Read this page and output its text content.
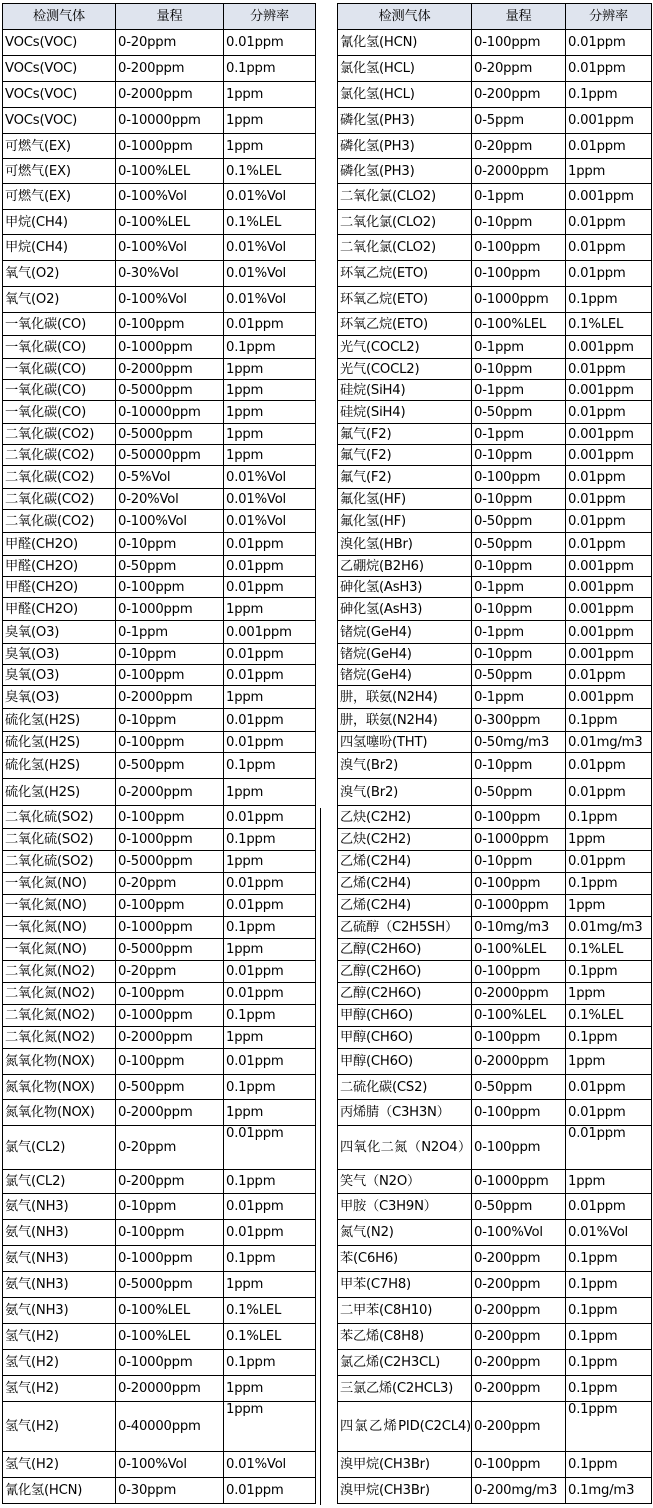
检测气体	量程	分辨率
VOCs(VOC)	0-20ppm	0.01ppm
VOCs(VOC)	0-200ppm	0.1ppm
VOCs(VOC)	0-2000ppm	1ppm
VOCs(VOC)	0-10000ppm	1ppm
可燃气(EX)	0-1000ppm	1ppm
可燃气(EX)	0-100%LEL	0.1%LEL
可燃气(EX)	0-100%Vol	0.01%Vol
甲烷(CH4)	0-100%LEL	0.1%LEL
甲烷(CH4)	0-100%Vol	0.01%Vol
氧气(O2)	0-30%Vol	0.01%Vol
氧气(O2)	0-100%Vol	0.01%Vol
一氧化碳(CO)	0-100ppm	0.01ppm
一氧化碳(CO)	0-1000ppm	0.1ppm
一氧化碳(CO)	0-2000ppm	1ppm
一氧化碳(CO)	0-5000ppm	1ppm
一氧化碳(CO)	0-10000ppm	1ppm
二氧化碳(CO2)	0-5000ppm	1ppm
二氧化碳(CO2)	0-50000ppm	1ppm
二氧化碳(CO2)	0-5%Vol	0.01%Vol
二氧化碳(CO2)	0-20%Vol	0.01%Vol
二氧化碳(CO2)	0-100%Vol	0.01%Vol
甲醛(CH2O)	0-10ppm	0.01ppm
甲醛(CH2O)	0-50ppm	0.01ppm
甲醛(CH2O)	0-100ppm	0.01ppm
甲醛(CH2O)	0-1000ppm	1ppm
臭氧(O3)	0-1ppm	0.001ppm
臭氧(O3)	0-10ppm	0.01ppm
臭氧(O3)	0-100ppm	0.01ppm
臭氧(O3)	0-2000ppm	1ppm
硫化氢(H2S)	0-10ppm	0.01ppm
硫化氢(H2S)	0-100ppm	0.01ppm
硫化氢(H2S)	0-500ppm	0.1ppm
硫化氢(H2S)	0-2000ppm	1ppm
二氧化硫(SO2)	0-100ppm	0.01ppm
二氧化硫(SO2)	0-1000ppm	0.1ppm
二氧化硫(SO2)	0-5000ppm	1ppm
一氧化氮(NO)	0-20ppm	0.01ppm
一氧化氮(NO)	0-100ppm	0.01ppm
一氧化氮(NO)	0-1000ppm	0.1ppm
一氧化氮(NO)	0-5000ppm	1ppm
二氧化氮(NO2)	0-20ppm	0.01ppm
二氧化氮(NO2)	0-100ppm	0.01ppm
二氧化氮(NO2)	0-1000ppm	0.1ppm
二氧化氮(NO2)	0-2000ppm	1ppm
氮氧化物(NOX)	0-100ppm	0.01ppm
氮氧化物(NOX)	0-500ppm	0.1ppm
氮氧化物(NOX)	0-2000ppm	1ppm
氯气(CL2)	0-20ppm	0.01ppm
氯气(CL2)	0-200ppm	0.1ppm
氨气(NH3)	0-10ppm	0.01ppm
氨气(NH3)	0-100ppm	0.01ppm
氨气(NH3)	0-1000ppm	0.1ppm
氨气(NH3)	0-5000ppm	1ppm
氨气(NH3)	0-100%LEL	0.1%LEL
氢气(H2)	0-100%LEL	0.1%LEL
氢气(H2)	0-1000ppm	0.1ppm
氢气(H2)	0-20000ppm	1ppm
氢气(H2)	0-40000ppm	1ppm
氢气(H2)	0-100%Vol	0.01%Vol
氰化氢(HCN)	0-30ppm	0.01ppm
检测气体	量程	分辨率
氰化氢(HCN)	0-100ppm	0.01ppm
氯化氢(HCL)	0-20ppm	0.01ppm
氯化氢(HCL)	0-200ppm	0.1ppm
磷化氢(PH3)	0-5ppm	0.001ppm
磷化氢(PH3)	0-20ppm	0.01ppm
磷化氢(PH3)	0-2000ppm	1ppm
二氧化氯(CLO2)	0-1ppm	0.001ppm
二氧化氯(CLO2)	0-10ppm	0.01ppm
二氧化氯(CLO2)	0-100ppm	0.01ppm
环氧乙烷(ETO)	0-100ppm	0.01ppm
环氧乙烷(ETO)	0-1000ppm	0.1ppm
环氧乙烷(ETO)	0-100%LEL	0.1%LEL
光气(COCL2)	0-1ppm	0.001ppm
光气(COCL2)	0-10ppm	0.01ppm
硅烷(SiH4)	0-1ppm	0.001ppm
硅烷(SiH4)	0-50ppm	0.01ppm
氟气(F2)	0-1ppm	0.001ppm
氟气(F2)	0-10ppm	0.001ppm
氟气(F2)	0-100ppm	0.01ppm
氟化氢(HF)	0-10ppm	0.01ppm
氟化氢(HF)	0-50ppm	0.01ppm
溴化氢(HBr)	0-50ppm	0.01ppm
乙硼烷(B2H6)	0-10ppm	0.001ppm
砷化氢(AsH3)	0-1ppm	0.001ppm
砷化氢(AsH3)	0-10ppm	0.001ppm
锗烷(GeH4)	0-1ppm	0.001ppm
锗烷(GeH4)	0-10ppm	0.001ppm
锗烷(GeH4)	0-50ppm	0.01ppm
肼，联氨(N2H4)	0-1ppm	0.001ppm
肼，联氨(N2H4)	0-300ppm	0.1ppm
四氢噻吩(THT)	0-50mg/m3	0.01mg/m3
溴气(Br2)	0-10ppm	0.01ppm
溴气(Br2)	0-50ppm	0.01ppm
乙炔(C2H2)	0-100ppm	0.1ppm
乙炔(C2H2)	0-1000ppm	1ppm
乙烯(C2H4)	0-10ppm	0.01ppm
乙烯(C2H4)	0-100ppm	0.1ppm
乙烯(C2H4)	0-1000ppm	1ppm
乙硫醇（C2H5SH）	0-10mg/m3	0.01mg/m3
乙醇(C2H6O)	0-100%LEL	0.1%LEL
乙醇(C2H6O)	0-100ppm	0.1ppm
乙醇(C2H6O)	0-2000ppm	1ppm
甲醇(CH6O)	0-100%LEL	0.1%LEL
甲醇(CH6O)	0-100ppm	0.1ppm
甲醇(CH6O)	0-2000ppm	1ppm
二硫化碳(CS2)	0-50ppm	0.01ppm
丙烯腈（C3H3N）	0-100ppm	0.01ppm
四氧化二氮（N2O4）	0-100ppm	0.01ppm
笑气（N2O）	0-1000ppm	1ppm
甲胺（C3H9N）	0-50ppm	0.01ppm
氮气(N2)	0-100%Vol	0.01%Vol
苯(C6H6)	0-200ppm	0.1ppm
甲苯(C7H8)	0-200ppm	0.1ppm
二甲苯(C8H10)	0-200ppm	0.1ppm
苯乙烯(C8H8)	0-200ppm	0.1ppm
氯乙烯(C2H3CL)	0-200ppm	0.1ppm
三氯乙烯(C2HCL3)	0-200ppm	0.1ppm
四氯乙烯PID(C2CL4)	0-200ppm	0.1ppm
溴甲烷(CH3Br)	0-100ppm	0.1ppm
溴甲烷(CH3Br)	0-200mg/m3	0.1mg/m3
